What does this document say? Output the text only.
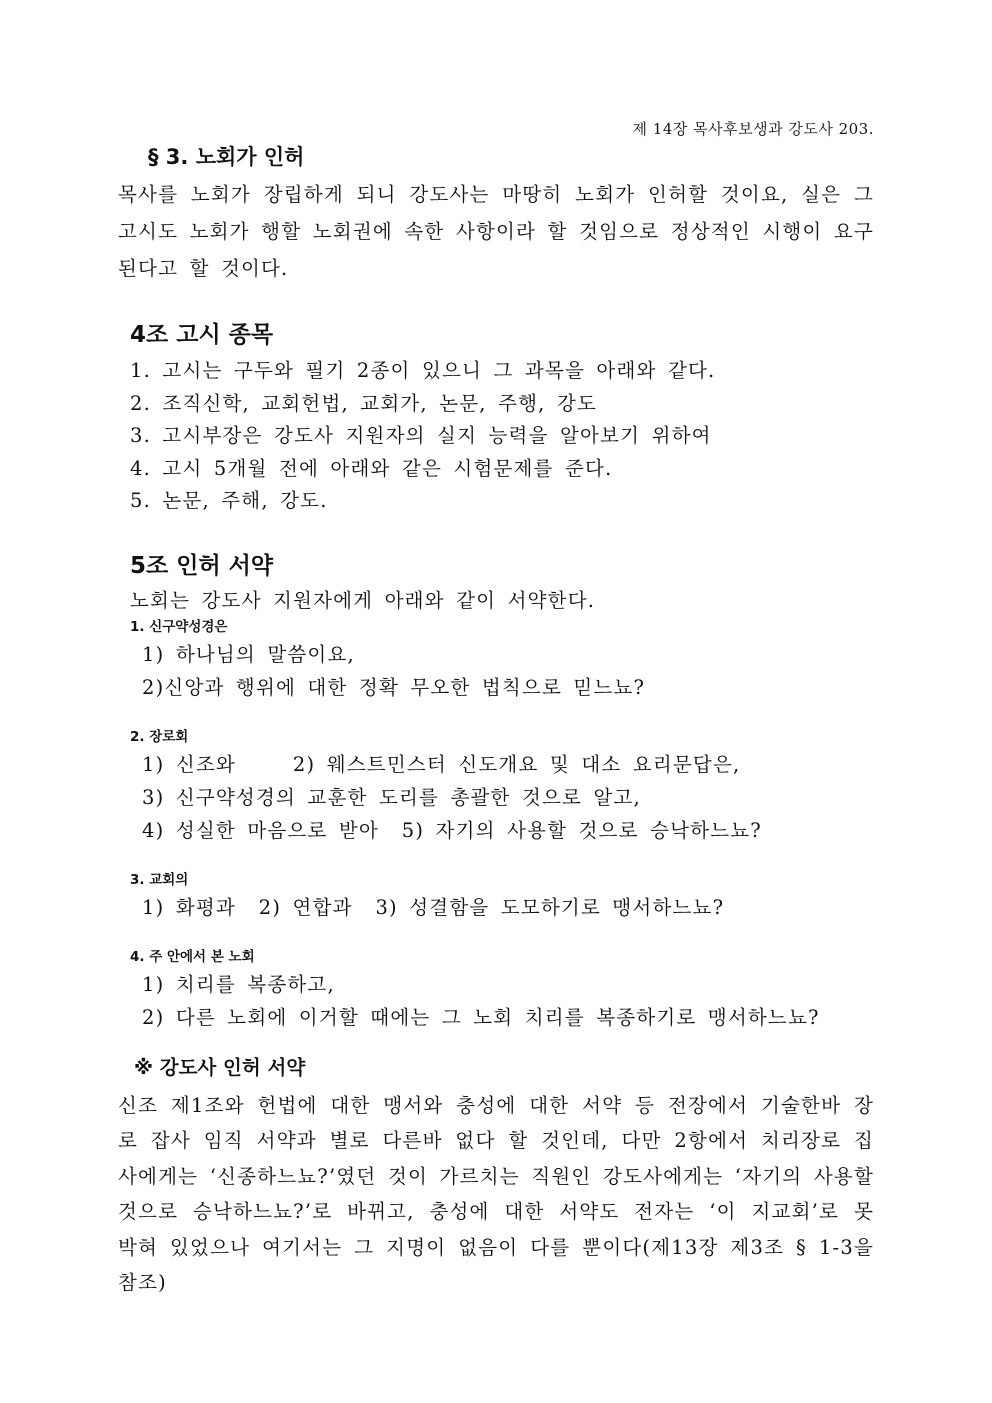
제 14장 목사후보생과 강도사 203.
§ 3. 노회가 인허

목사를 노회가 장립하게 되니 강도사는 마땅히 노회가 인허할 것이요, 실은 그 고시도 노회가 행할 노회권에 속한 사항이라 할 것임으로 정상적인 시행이 요구된다고 할 것이다.

4조 고시 종목

1. 고시는 구두와 필기 2종이 있으니 그 과목을 아래와 같다.

2. 조직신학, 교회헌법, 교회가, 논문, 주행, 강도

3. 고시부장은 강도사 지원자의 실지 능력을 알아보기 위하여

4. 고시 5개월 전에 아래와 같은 시험문제를 준다.

5. 논문, 주해, 강도.

5조 인허 서약

노회는 강도사 지원자에게 아래와 같이 서약한다.

1. 신구약성경은

1) 하나님의 말씀이요,

2)신앙과 행위에 대한 정확 무오한 법칙으로 믿느뇨?

2. 장로회

1) 신조와     2) 웨스트민스터 신도개요 및 대소 요리문답은,

3) 신구약성경의 교훈한 도리를 총괄한 것으로 알고,

4) 성실한 마음으로 받아  5) 자기의 사용할 것으로 승낙하느뇨?

3. 교회의

1) 화평과  2) 연합과  3) 성결함을 도모하기로 맹서하느뇨?

4. 주 안에서 본 노회

1) 치리를 복종하고,

2) 다른 노회에 이거할 때에는 그 노회 치리를 복종하기로 맹서하느뇨?

※ 강도사 인허 서약

신조 제1조와 헌법에 대한 맹서와 충성에 대한 서약 등 전장에서 기술한바 장로 잡사 임직 서약과 별로 다른바 없다 할 것인데, 다만 2항에서 치리장로 집사에게는 ‘신종하느뇨?’였던 것이 가르치는 직원인 강도사에게는 ‘자기의 사용할 것으로 승낙하느뇨?’로 바뀌고, 충성에 대한 서약도 전자는 ‘이 지교회’로 못 박혀 있었으나 여기서는 그 지명이 없음이 다를 뿐이다(제13장 제3조 § 1-3을 참조)
